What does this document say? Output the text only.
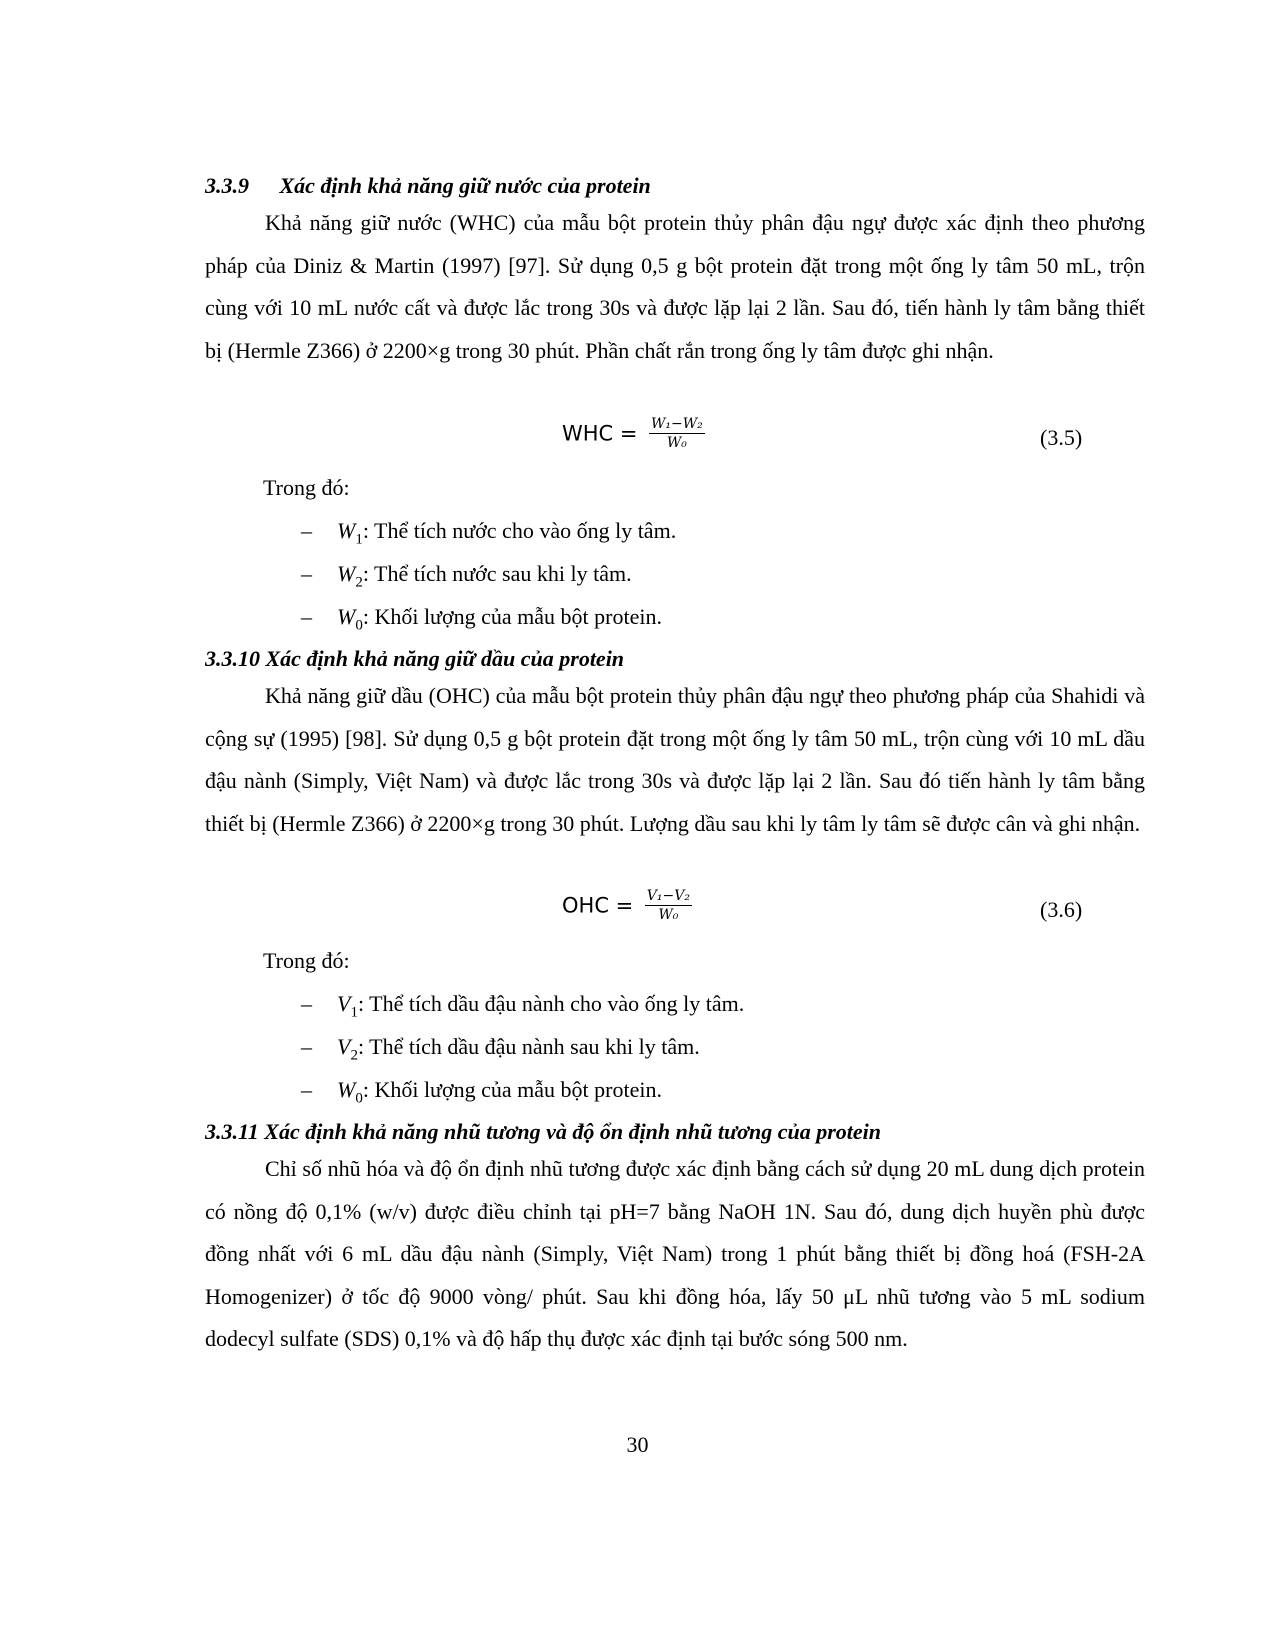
3.3.9 Xác định khả năng giữ nước của protein

Khả năng giữ nước (WHC) của mẫu bột protein thủy phân đậu ngự được xác định theo phương pháp của Diniz & Martin (1997) [97]. Sử dụng 0,5 g bột protein đặt trong một ống ly tâm 50 mL, trộn cùng với 10 mL nước cất và được lắc trong 30s và được lặp lại 2 lần. Sau đó, tiến hành ly tâm bằng thiết bị (Hermle Z366) ở 2200×g trong 30 phút. Phần chất rắn trong ống ly tâm được ghi nhận.

WHC = $\frac{\text{W₁−W₂}}{\text{W₀}}$	(3.5)
Trong đó:
– $W_1$: Thể tích nước cho vào ống ly tâm.
– $W_2$: Thể tích nước sau khi ly tâm.
– $W_0$: Khối lượng của mẫu bột protein.
3.3.10 Xác định khả năng giữ dầu của protein

Khả năng giữ dầu (OHC) của mẫu bột protein thủy phân đậu ngự theo phương pháp của Shahidi và cộng sự (1995) [98]. Sử dụng 0,5 g bột protein đặt trong một ống ly tâm 50 mL, trộn cùng với 10 mL dầu đậu nành (Simply, Việt Nam) và được lắc trong 30s và được lặp lại 2 lần. Sau đó tiến hành ly tâm bằng thiết bị (Hermle Z366) ở 2200×g trong 30 phút. Lượng dầu sau khi ly tâm ly tâm sẽ được cân và ghi nhận.

OHC = $\frac{\text{V₁−V₂}}{\text{W₀}}$	(3.6)
Trong đó:
– $V_1$: Thể tích dầu đậu nành cho vào ống ly tâm.
– $V_2$: Thể tích dầu đậu nành sau khi ly tâm.
– $W_0$: Khối lượng của mẫu bột protein.
3.3.11 Xác định khả năng nhũ tương và độ ổn định nhũ tương của protein

Chỉ số nhũ hóa và độ ổn định nhũ tương được xác định bằng cách sử dụng 20 mL dung dịch protein có nồng độ 0,1% (w/v) được điều chỉnh tại pH=7 bằng NaOH 1N. Sau đó, dung dịch huyền phù được đồng nhất với 6 mL dầu đậu nành (Simply, Việt Nam) trong 1 phút bằng thiết bị đồng hoá (FSH-2A Homogenizer) ở tốc độ 9000 vòng/ phút. Sau khi đồng hóa, lấy 50 μL nhũ tương vào 5 mL sodium dodecyl sulfate (SDS) 0,1% và độ hấp thụ được xác định tại bước sóng 500 nm.

30
